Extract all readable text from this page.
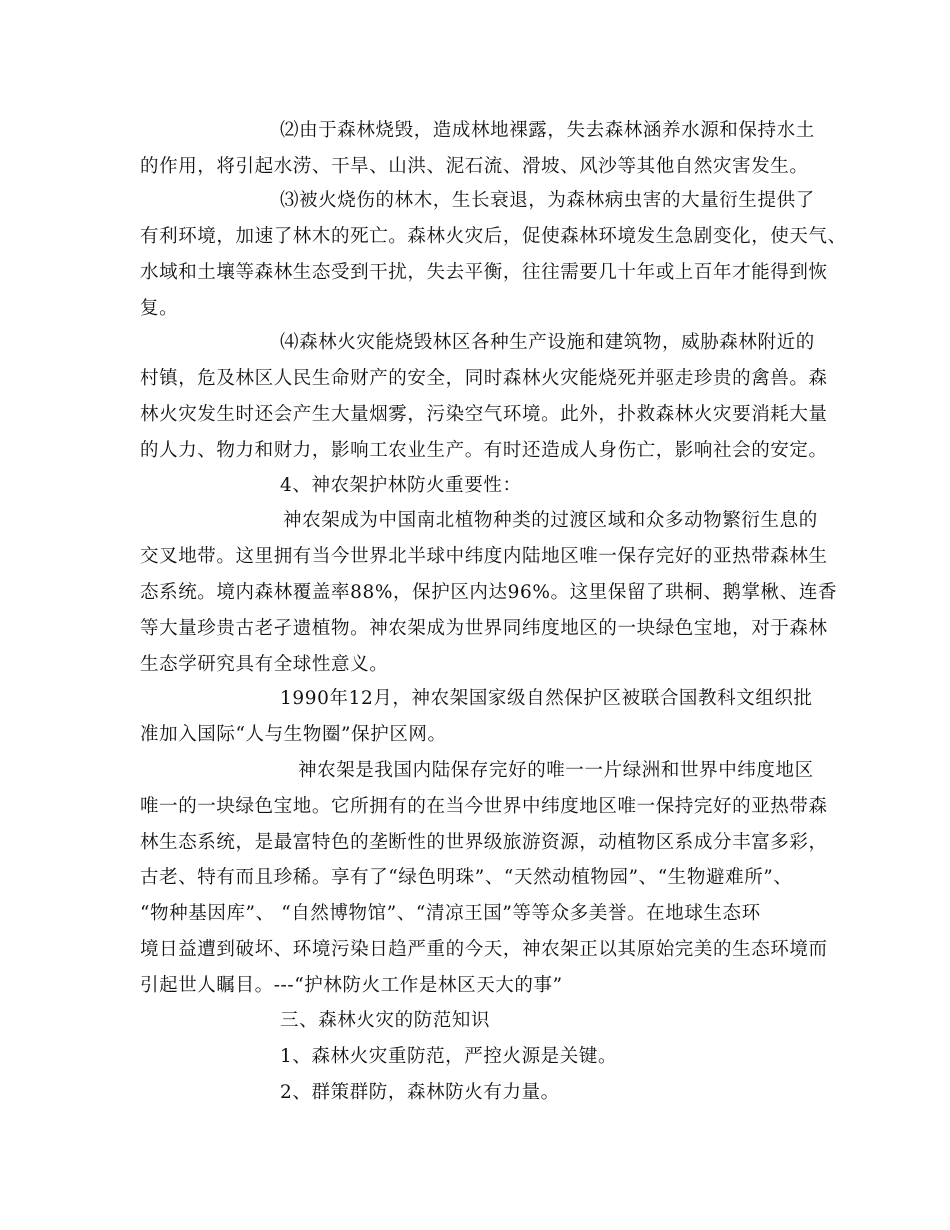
⑵由于森林烧毁，造成林地裸露，失去森林涵养水源和保持水土
的作用，将引起水涝、干旱、山洪、泥石流、滑坡、风沙等其他自然灾害发生。
⑶被火烧伤的林木，生长衰退，为森林病虫害的大量衍生提供了
有利环境，加速了林木的死亡。森林火灾后，促使森林环境发生急剧变化，使天气、
水域和土壤等森林生态受到干扰，失去平衡，往往需要几十年或上百年才能得到恢
复。
⑷森林火灾能烧毁林区各种生产设施和建筑物，威胁森林附近的
村镇，危及林区人民生命财产的安全，同时森林火灾能烧死并驱走珍贵的禽兽。森
林火灾发生时还会产生大量烟雾，污染空气环境。此外，扑救森林火灾要消耗大量
的人力、物力和财力，影响工农业生产。有时还造成人身伤亡，影响社会的安定。
4、神农架护林防火重要性：
神农架成为中国南北植物种类的过渡区域和众多动物繁衍生息的
交叉地带。这里拥有当今世界北半球中纬度内陆地区唯一保存完好的亚热带森林生
态系统。境内森林覆盖率88%，保护区内达96%。这里保留了珙桐、鹅掌楸、连香
等大量珍贵古老孑遗植物。神农架成为世界同纬度地区的一块绿色宝地，对于森林
生态学研究具有全球性意义。
1990年12月，神农架国家级自然保护区被联合国教科文组织批
准加入国际“人与生物圈”保护区网。
神农架是我国内陆保存完好的唯一一片绿洲和世界中纬度地区
唯一的一块绿色宝地。它所拥有的在当今世界中纬度地区唯一保持完好的亚热带森
林生态系统，是最富特色的垄断性的世界级旅游资源，动植物区系成分丰富多彩，
古老、特有而且珍稀。享有了“绿色明珠”、“天然动植物园”、“生物避难所”、
“物种基因库”、 “自然博物馆”、“清凉王国”等等众多美誉。在地球生态环
境日益遭到破坏、环境污染日趋严重的今天，神农架正以其原始完美的生态环境而
引起世人瞩目。---“护林防火工作是林区天大的事”
三、森林火灾的防范知识
1、森林火灾重防范，严控火源是关键。
2、群策群防，森林防火有力量。
